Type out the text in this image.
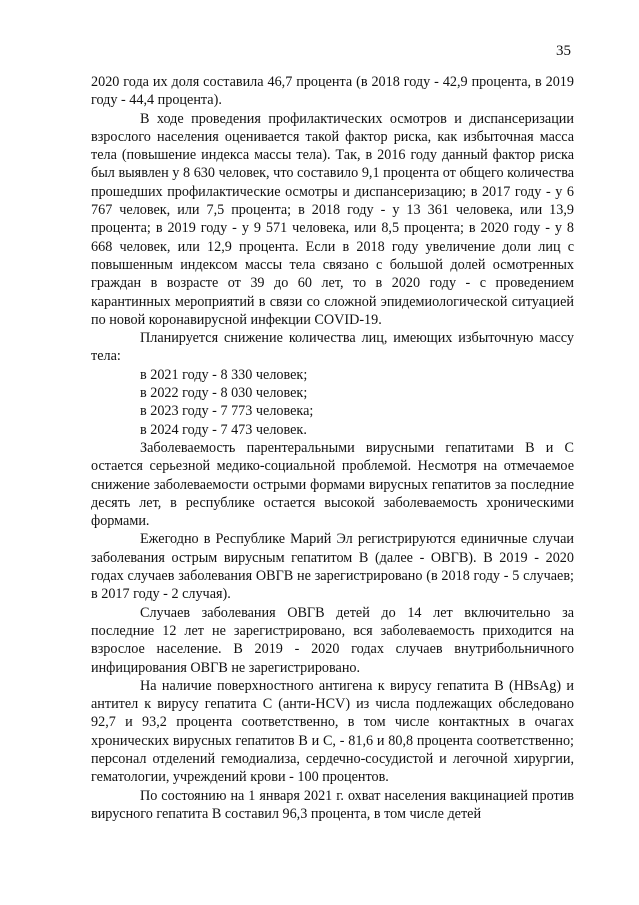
35

2020 года их доля составила 46,7 процента (в 2018 году - 42,9 процента, в 2019 году - 44,4 процента).

В ходе проведения профилактических осмотров и диспансеризации взрослого населения оценивается такой фактор риска, как избыточная масса тела (повышение индекса массы тела). Так, в 2016 году данный фактор риска был выявлен у 8 630 человек, что составило 9,1 процента от общего количества прошедших профилактические осмотры и диспансеризацию; в 2017 году - у 6 767 человек, или 7,5 процента; в 2018 году - у 13 361 человека, или 13,9 процента; в 2019 году - у 9 571 человека, или 8,5 процента; в 2020 году - у 8 668 человек, или 12,9 процента. Если в 2018 году увеличение доли лиц с повышенным индексом массы тела связано с большой долей осмотренных граждан в возрасте от 39 до 60 лет, то в 2020 году - с проведением карантинных мероприятий в связи со сложной эпидемиологической ситуацией по новой коронавирусной инфекции COVID-19.

Планируется снижение количества лиц, имеющих избыточную массу тела:

в 2021 году - 8 330 человек;

в 2022 году - 8 030 человек;

в 2023 году - 7 773 человека;

в 2024 году - 7 473 человек.

Заболеваемость парентеральными вирусными гепатитами В и С остается серьезной медико-социальной проблемой. Несмотря на отмечаемое снижение заболеваемости острыми формами вирусных гепатитов за последние десять лет, в республике остается высокой заболеваемость хроническими формами.

Ежегодно в Республике Марий Эл регистрируются единичные случаи заболевания острым вирусным гепатитом В (далее - ОВГВ). В 2019 - 2020 годах случаев заболевания ОВГВ не зарегистрировано (в 2018 году - 5 случаев; в 2017 году - 2 случая).

Случаев заболевания ОВГВ детей до 14 лет включительно за последние 12 лет не зарегистрировано, вся заболеваемость приходится на взрослое население. В 2019 - 2020 годах случаев внутрибольничного инфицирования ОВГВ не зарегистрировано.

На наличие поверхностного антигена к вирусу гепатита В (HBsAg) и антител к вирусу гепатита С (анти-HCV) из числа подлежащих обследовано 92,7 и 93,2 процента соответственно, в том числе контактных в очагах хронических вирусных гепатитов В и С, - 81,6 и 80,8 процента соответственно; персонал отделений гемодиализа, сердечно-сосудистой и легочной хирургии, гематологии, учреждений крови - 100 процентов.

По состоянию на 1 января 2021 г. охват населения вакцинацией против вирусного гепатита В составил 96,3 процента, в том числе детей
